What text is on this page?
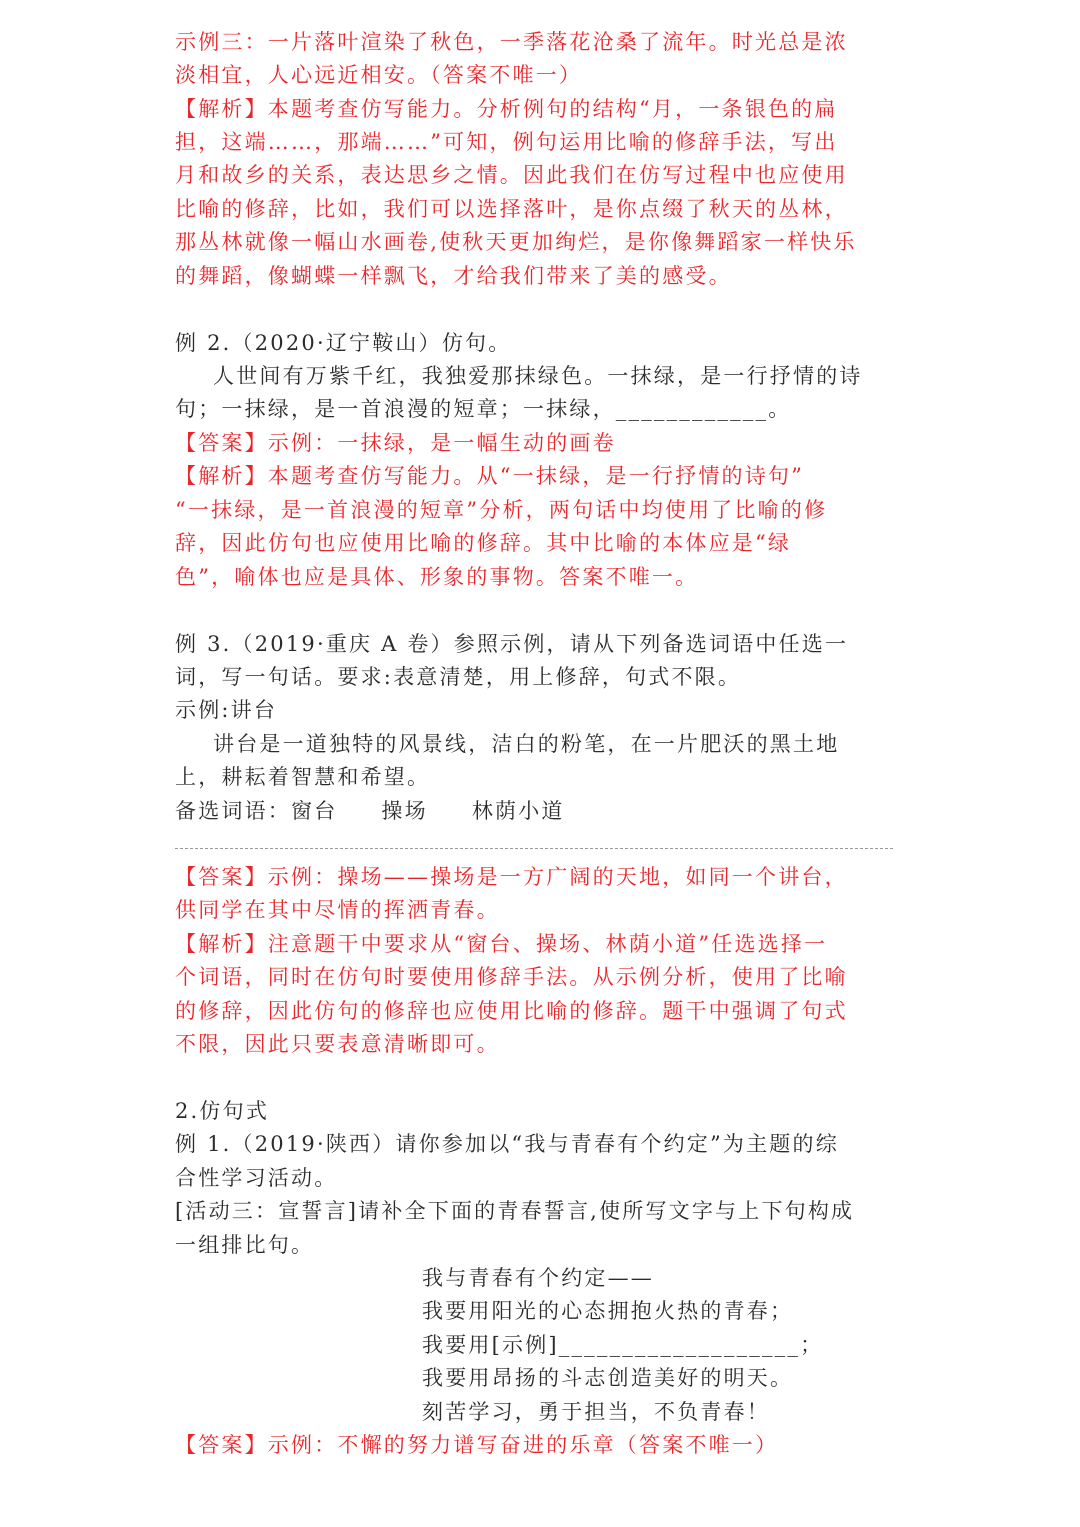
示例三：一片落叶渲染了秋色，一季落花沧桑了流年。时光总是浓
淡相宜，人心远近相安。（答案不唯一）
【解析】本题考查仿写能力。分析例句的结构“月，一条银色的扁
担，这端……，那端……”可知，例句运用比喻的修辞手法，写出
月和故乡的关系，表达思乡之情。因此我们在仿写过程中也应使用
比喻的修辞，比如，我们可以选择落叶，是你点缀了秋天的丛林，
那丛林就像一幅山水画卷,使秋天更加绚烂，是你像舞蹈家一样快乐
的舞蹈，像蝴蝶一样飘飞，才给我们带来了美的感受。
例 2.（2020·辽宁鞍山）仿句。
人世间有万紫千红，我独爱那抹绿色。一抹绿，是一行抒情的诗
句；一抹绿，是一首浪漫的短章；一抹绿，____________。
【答案】示例：一抹绿，是一幅生动的画卷
【解析】本题考查仿写能力。从“一抹绿，是一行抒情的诗句”
“一抹绿，是一首浪漫的短章”分析，两句话中均使用了比喻的修
辞，因此仿句也应使用比喻的修辞。其中比喻的本体应是“绿
色”，喻体也应是具体、形象的事物。答案不唯一。
例 3.（2019·重庆 A 卷）参照示例，请从下列备选词语中任选一
词，写一句话。要求:表意清楚，用上修辞，句式不限。
示例:讲台
讲台是一道独特的风景线，洁白的粉笔，在一片肥沃的黑土地
上，耕耘着智慧和希望。
备选词语：窗台 操场 林荫小道
【答案】示例：操场——操场是一方广阔的天地，如同一个讲台，
供同学在其中尽情的挥洒青春。
【解析】注意题干中要求从“窗台、操场、林荫小道”任选选择一
个词语，同时在仿句时要使用修辞手法。从示例分析，使用了比喻
的修辞，因此仿句的修辞也应使用比喻的修辞。题干中强调了句式
不限，因此只要表意清晰即可。
2.仿句式
例 1.（2019·陕西）请你参加以“我与青春有个约定”为主题的综
合性学习活动。
[活动三：宣誓言]请补全下面的青春誓言,使所写文字与上下句构成
一组排比句。
我与青春有个约定——
我要用阳光的心态拥抱火热的青春；
我要用[示例]___________________；
我要用昂扬的斗志创造美好的明天。
刻苦学习，勇于担当，不负青春！
【答案】示例：不懈的努力谱写奋进的乐章（答案不唯一）
